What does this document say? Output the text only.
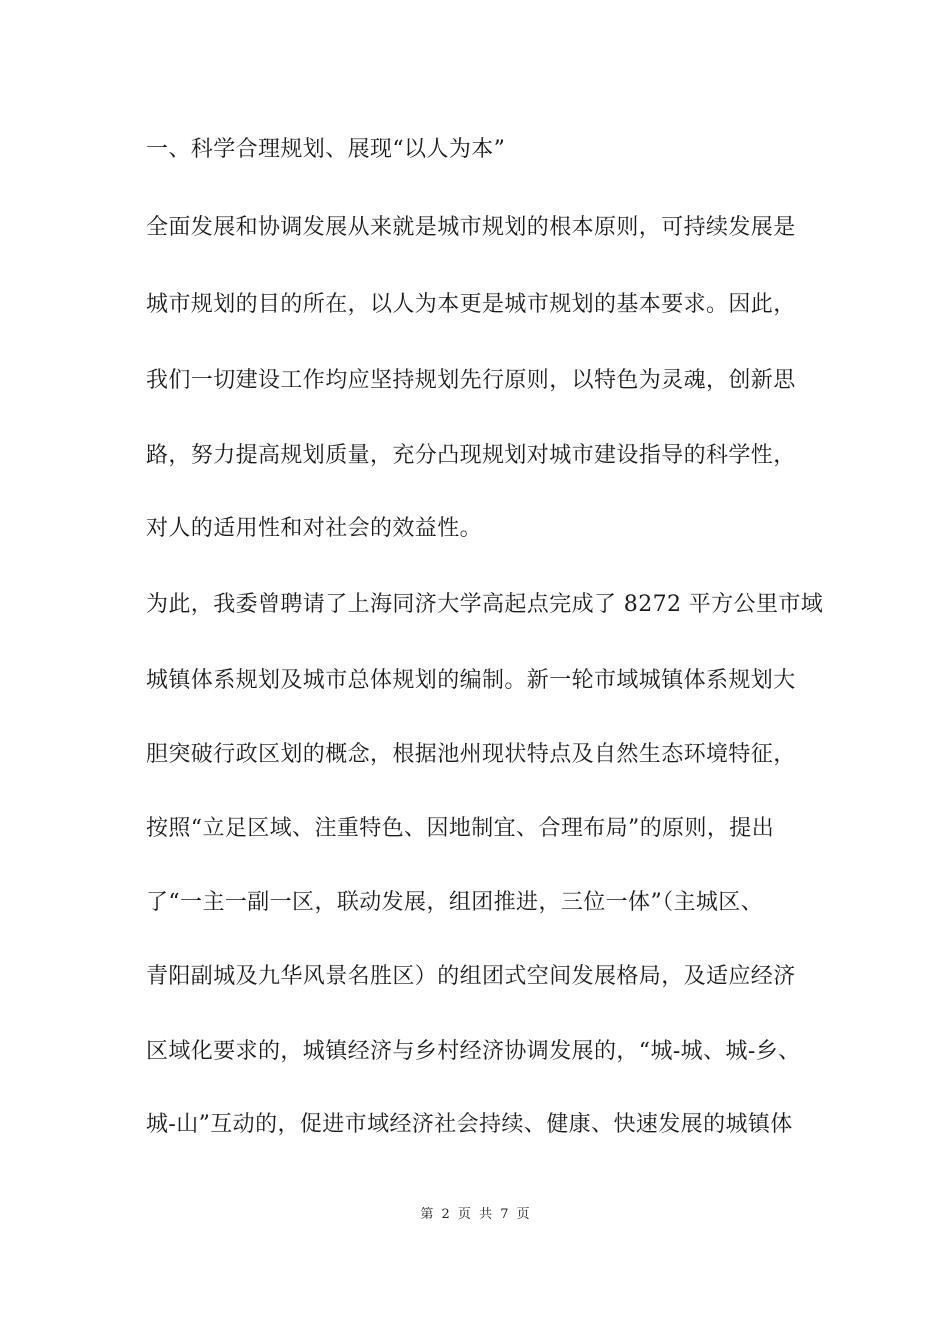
一、科学合理规划、展现“以人为本”
全面发展和协调发展从来就是城市规划的根本原则，可持续发展是
城市规划的目的所在，以人为本更是城市规划的基本要求。因此，
我们一切建设工作均应坚持规划先行原则，以特色为灵魂，创新思
路，努力提高规划质量，充分凸现规划对城市建设指导的科学性，
对人的适用性和对社会的效益性。
为此，我委曾聘请了上海同济大学高起点完成了 8272 平方公里市域
城镇体系规划及城市总体规划的编制。新一轮市域城镇体系规划大
胆突破行政区划的概念，根据池州现状特点及自然生态环境特征，
按照“立足区域、注重特色、因地制宜、合理布局”的原则，提出
了“一主一副一区，联动发展，组团推进，三位一体”（主城区、
青阳副城及九华风景名胜区）的组团式空间发展格局，及适应经济
区域化要求的，城镇经济与乡村经济协调发展的，“城-城、城-乡、
城-山”互动的，促进市域经济社会持续、健康、快速发展的城镇体
第 2 页 共 7 页
